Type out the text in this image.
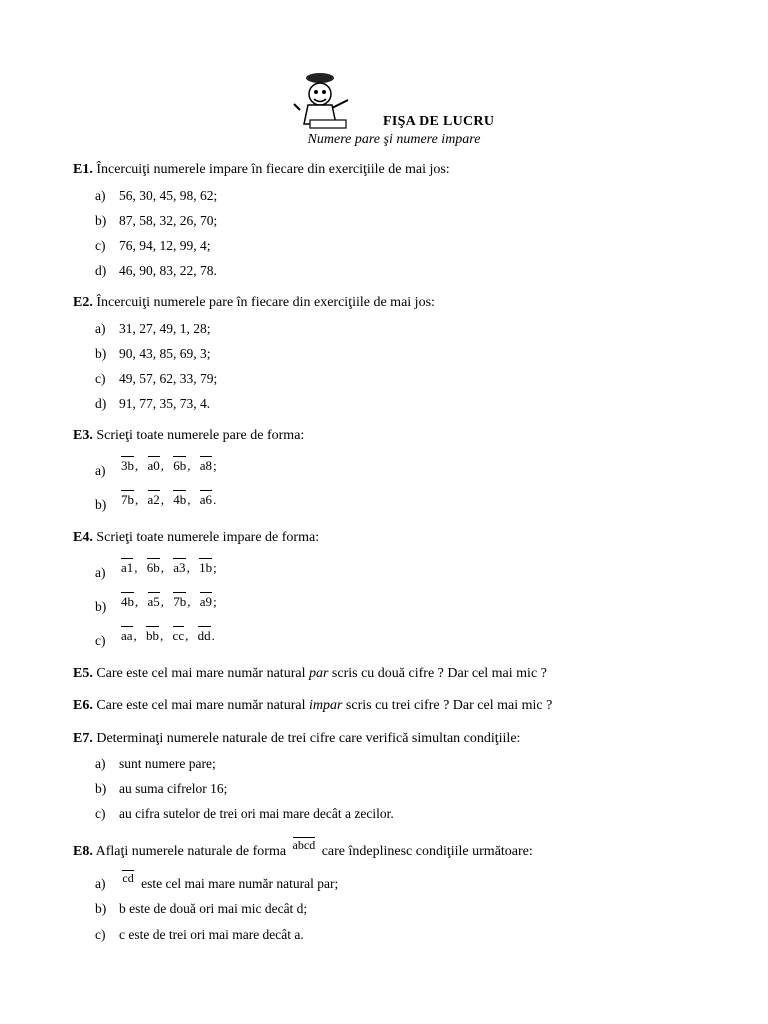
FIŞA DE LUCRU
Numere pare şi numere impare
E1. Încercuiţi numerele impare în fiecare din exerciţiile de mai jos:
a) 56, 30, 45, 98, 62;
b) 87, 58, 32, 26, 70;
c) 76, 94, 12, 99, 4;
d) 46, 90, 83, 22, 78.
E2. Încercuiţi numerele pare în fiecare din exerciţiile de mai jos:
a) 31, 27, 49, 1, 28;
b) 90, 43, 85, 69, 3;
c) 49, 57, 62, 33, 79;
d) 91, 77, 35, 73, 4.
E3. Scrieţi toate numerele pare de forma:
a) 3b, a0, 6b, a8;
b) 7b, a2, 4b, a6.
E4. Scrieţi toate numerele impare de forma:
a) a1, 6b, a3, 1b;
b) 4b, a5, 7b, a9;
c) aa, bb, cc, dd.
E5. Care este cel mai mare număr natural par scris cu două cifre ? Dar cel mai mic ?
E6. Care este cel mai mare număr natural impar scris cu trei cifre ? Dar cel mai mic ?
E7. Determinaţi numerele naturale de trei cifre care verifică simultan condiţiile:
a) sunt numere pare;
b) au suma cifrelor 16;
c) au cifra sutelor de trei ori mai mare decât a zecilor.
E8. Aflaţi numerele naturale de forma abcd care îndeplinesc condiţiile următoare:
a) cd este cel mai mare număr natural par;
b) b este de două ori mai mic decât d;
c) c este de trei ori mai mare decât a.
